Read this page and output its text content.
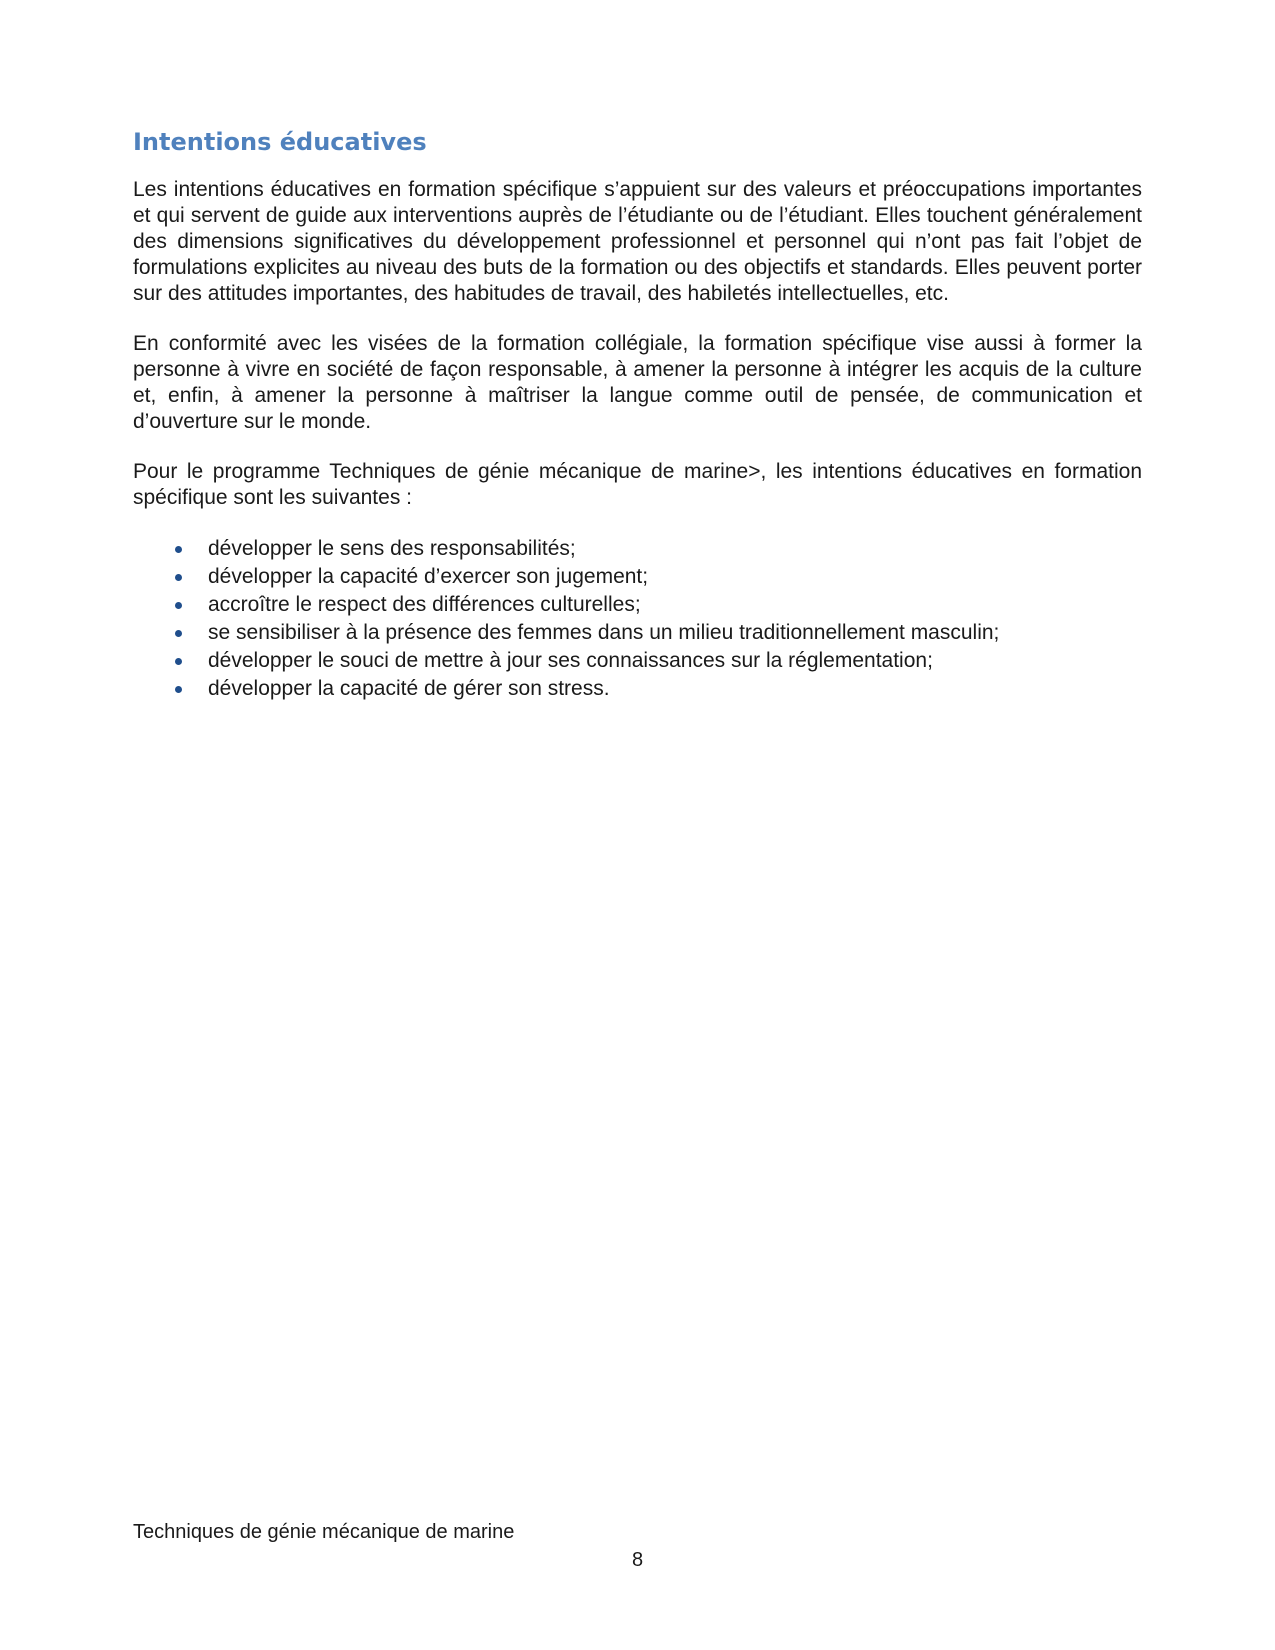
Intentions éducatives

Les intentions éducatives en formation spécifique s’appuient sur des valeurs et préoccupations importantes et qui servent de guide aux interventions auprès de l’étudiante ou de l’étudiant. Elles touchent généralement des dimensions significatives du développement professionnel et personnel qui n’ont pas fait l’objet de formulations explicites au niveau des buts de la formation ou des objectifs et standards. Elles peuvent porter sur des attitudes importantes, des habitudes de travail, des habiletés intellectuelles, etc.

En conformité avec les visées de la formation collégiale, la formation spécifique vise aussi à former la personne à vivre en société de façon responsable, à amener la personne à intégrer les acquis de la culture et, enfin, à amener la personne à maîtriser la langue comme outil de pensée, de communication et d’ouverture sur le monde.

Pour le programme Techniques de génie mécanique de marine>, les intentions éducatives en formation spécifique sont les suivantes :

développer le sens des responsabilités;
développer la capacité d’exercer son jugement;
accroître le respect des différences culturelles;
se sensibiliser à la présence des femmes dans un milieu traditionnellement masculin;
développer le souci de mettre à jour ses connaissances sur la réglementation;
développer la capacité de gérer son stress.
Techniques de génie mécanique de marine
8
